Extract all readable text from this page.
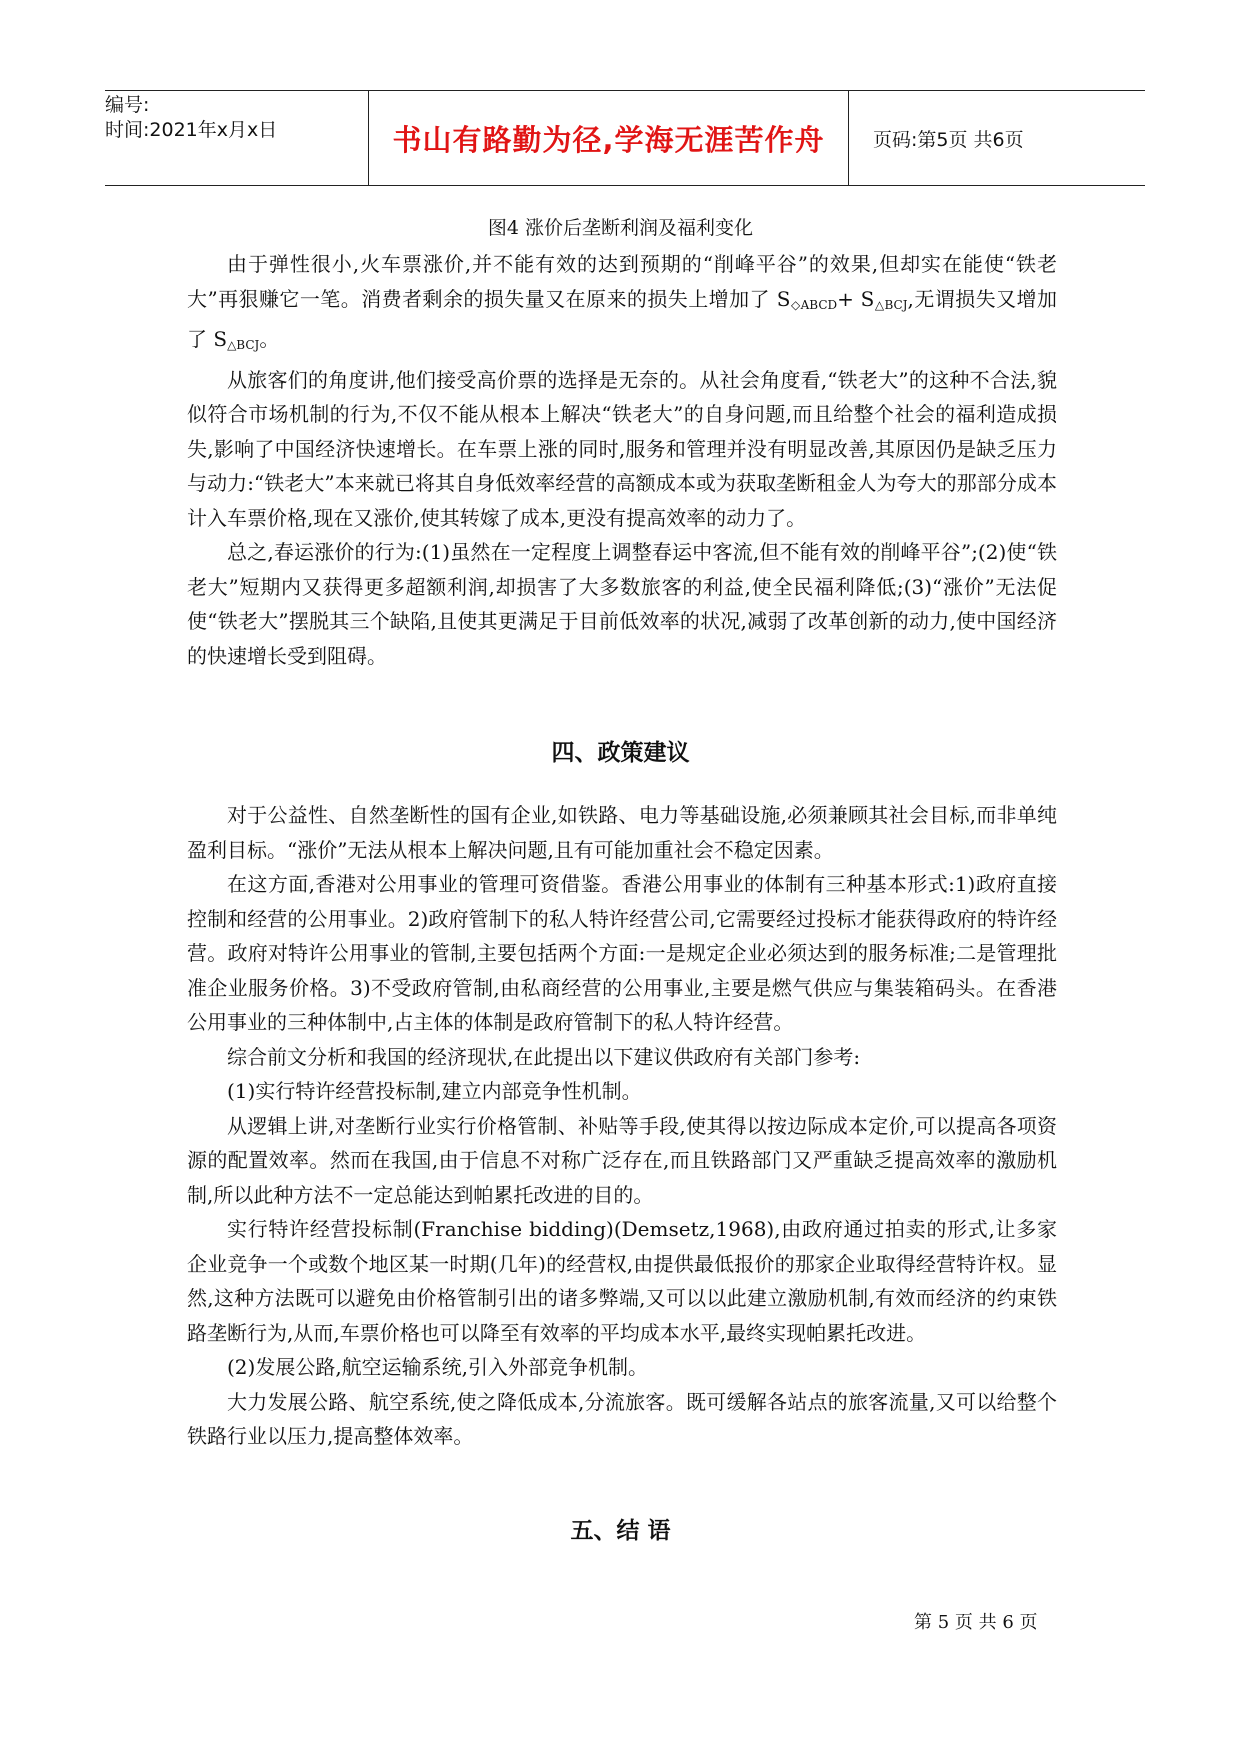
编号:
时间:2021年x月x日	书山有路勤为径,学海无涯苦作舟	页码:第5页 共6页
图4 涨价后垄断利润及福利变化

由于弹性很小,火车票涨价,并不能有效的达到预期的“削峰平谷”的效果,但却实在能使“铁老大”再狠赚它一笔。消费者剩余的损失量又在原来的损失上增加了 $S_{◇ABCD}+ S_{\triangle BCJ}$,无谓损失又增加了 $S_{\triangle BCJ}$。

从旅客们的角度讲,他们接受高价票的选择是无奈的。从社会角度看,“铁老大”的这种不合法,貌似符合市场机制的行为,不仅不能从根本上解决“铁老大”的自身问题,而且给整个社会的福利造成损失,影响了中国经济快速增长。在车票上涨的同时,服务和管理并没有明显改善,其原因仍是缺乏压力与动力:“铁老大”本来就已将其自身低效率经营的高额成本或为获取垄断租金人为夸大的那部分成本计入车票价格,现在又涨价,使其转嫁了成本,更没有提高效率的动力了。

总之,春运涨价的行为:(1)虽然在一定程度上调整春运中客流,但不能有效的削峰平谷”;(2)使“铁老大”短期内又获得更多超额利润,却损害了大多数旅客的利益,使全民福利降低;(3)“涨价”无法促使“铁老大”摆脱其三个缺陷,且使其更满足于目前低效率的状况,减弱了改革创新的动力,使中国经济的快速增长受到阻碍。

四、政策建议

对于公益性、自然垄断性的国有企业,如铁路、电力等基础设施,必须兼顾其社会目标,而非单纯盈利目标。“涨价”无法从根本上解决问题,且有可能加重社会不稳定因素。

在这方面,香港对公用事业的管理可资借鉴。香港公用事业的体制有三种基本形式:1)政府直接控制和经营的公用事业。2)政府管制下的私人特许经营公司,它需要经过投标才能获得政府的特许经营。政府对特许公用事业的管制,主要包括两个方面:一是规定企业必须达到的服务标准;二是管理批准企业服务价格。3)不受政府管制,由私商经营的公用事业,主要是燃气供应与集装箱码头。在香港公用事业的三种体制中,占主体的体制是政府管制下的私人特许经营。

综合前文分析和我国的经济现状,在此提出以下建议供政府有关部门参考:

(1)实行特许经营投标制,建立内部竞争性机制。

从逻辑上讲,对垄断行业实行价格管制、补贴等手段,使其得以按边际成本定价,可以提高各项资源的配置效率。然而在我国,由于信息不对称广泛存在,而且铁路部门又严重缺乏提高效率的激励机制,所以此种方法不一定总能达到帕累托改进的目的。

实行特许经营投标制(Franchise bidding)(Demsetz,1968),由政府通过拍卖的形式,让多家企业竞争一个或数个地区某一时期(几年)的经营权,由提供最低报价的那家企业取得经营特许权。显然,这种方法既可以避免由价格管制引出的诸多弊端,又可以以此建立激励机制,有效而经济的约束铁路垄断行为,从而,车票价格也可以降至有效率的平均成本水平,最终实现帕累托改进。

(2)发展公路,航空运输系统,引入外部竞争机制。

大力发展公路、航空系统,使之降低成本,分流旅客。既可缓解各站点的旅客流量,又可以给整个铁路行业以压力,提高整体效率。

五、结 语
第 5 页 共 6 页
